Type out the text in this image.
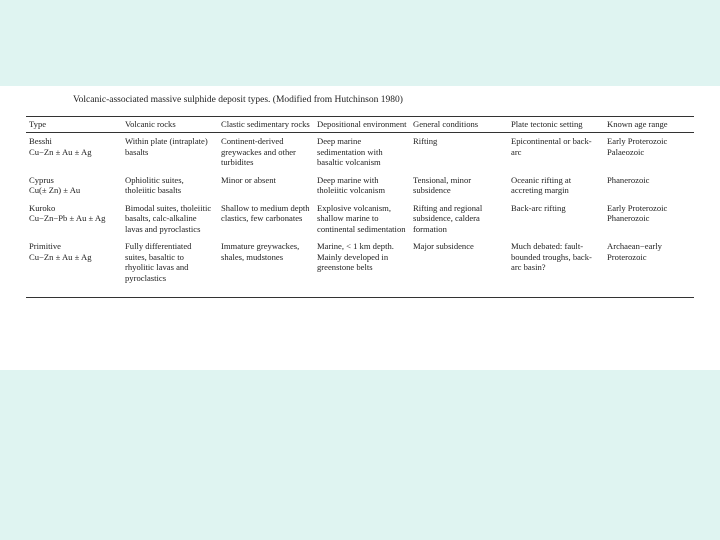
Volcanic-associated massive sulphide deposit types. (Modified from Hutchinson 1980)
Type	Volcanic rocks	Clastic sedimentary rocks	Depositional environment	General conditions	Plate tectonic setting	Known age range

Besshi
Cu−Zn ± Au ± Ag	Within plate (intraplate) basalts	Continent-derived greywackes and other turbidites	Deep marine sedimentation with basaltic volcanism	Rifting	Epicontinental or back-arc	Early Proterozoic Palaeozoic

Cyprus
Cu(± Zn) ± Au	Ophiolitic suites, tholeiitic basalts	Minor or absent	Deep marine with tholeiitic volcanism	Tensional, minor subsidence	Oceanic rifting at accreting margin	Phanerozoic

Kuroko
Cu−Zn−Pb ± Au ± Ag	Bimodal suites, tholeiitic basalts, calc-alkaline lavas and pyroclastics	Shallow to medium depth clastics, few carbonates	Explosive volcanism, shallow marine to continental sedimentation	Rifting and regional subsidence, caldera formation	Back-arc rifting	Early Proterozoic Phanerozoic

Primitive
Cu−Zn ± Au ± Ag	Fully differentiated suites, basaltic to rhyolitic lavas and pyroclastics	Immature greywackes, shales, mudstones	Marine, < 1 km depth. Mainly developed in greenstone belts	Major subsidence	Much debated: fault-bounded troughs, back-arc basin?	Archaean−early Proterozoic
